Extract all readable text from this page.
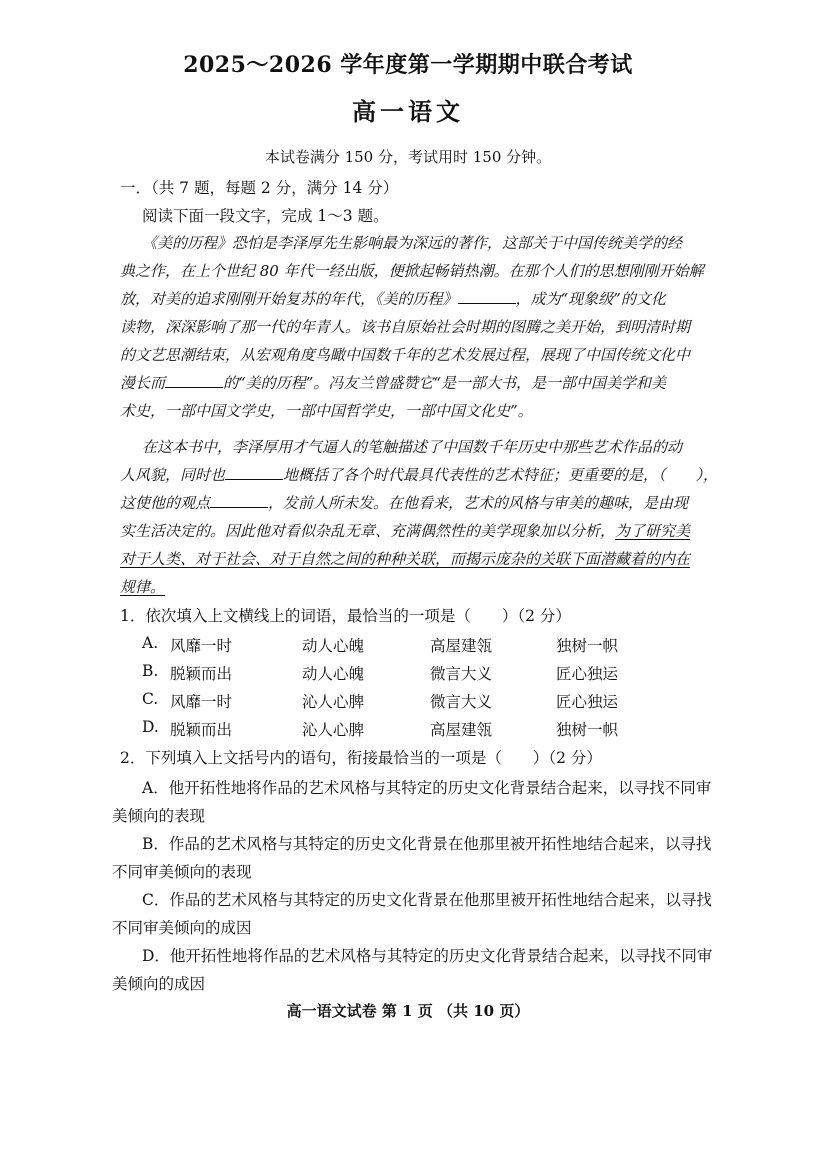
2025～2026 学年度第一学期期中联合考试
高一语文
本试卷满分 150 分，考试用时 150 分钟。
一．（共 7 题，每题 2 分，满分 14 分）
阅读下面一段文字，完成 1～3 题。
《美的历程》恐怕是李泽厚先生影响最为深远的著作，这部关于中国传统美学的经
典之作，在上个世纪 80 年代一经出版，便掀起畅销热潮。在那个人们的思想刚刚开始解
放，对美的追求刚刚开始复苏的年代，《美的历程》	，成为“现象级”的文化
读物，深深影响了那一代的年青人。该书自原始社会时期的图腾之美开始，到明清时期
的文艺思潮结束，从宏观角度鸟瞰中国数千年的艺术发展过程，展现了中国传统文化中
漫长而	的“美的历程”。冯友兰曾盛赞它“是一部大书，是一部中国美学和美
术史，一部中国文学史，一部中国哲学史，一部中国文化史”。
在这本书中，李泽厚用才气逼人的笔触描述了中国数千年历史中那些艺术作品的动
人风貌，同时也	地概括了各个时代最具代表性的艺术特征；更重要的是，（　　），
这使他的观点	，发前人所未发。在他看来，艺术的风格与审美的趣味，是由现
实生活决定的。因此他对看似杂乱无章、充满偶然性的美学现象加以分析，为了研究美
对于人类、对于社会、对于自然之间的种种关联，而揭示庞杂的关联下面潜藏着的内在
规律。
1．依次填入上文横线上的词语，最恰当的一项是（　　）（2 分）
A. 风靡一时	动人心魄	高屋建瓴	独树一帜
B. 脱颖而出	动人心魄	微言大义	匠心独运
C. 风靡一时	沁人心脾	微言大义	匠心独运
D. 脱颖而出	沁人心脾	高屋建瓴	独树一帜
2．下列填入上文括号内的语句，衔接最恰当的一项是（　　）（2 分）
A．他开拓性地将作品的艺术风格与其特定的历史文化背景结合起来，以寻找不同审
美倾向的表现
B．作品的艺术风格与其特定的历史文化背景在他那里被开拓性地结合起来，以寻找
不同审美倾向的表现
C．作品的艺术风格与其特定的历史文化背景在他那里被开拓性地结合起来，以寻找
不同审美倾向的成因
D．他开拓性地将作品的艺术风格与其特定的历史文化背景结合起来，以寻找不同审
美倾向的成因
高一语文试卷 第 1 页 （共 10 页）
